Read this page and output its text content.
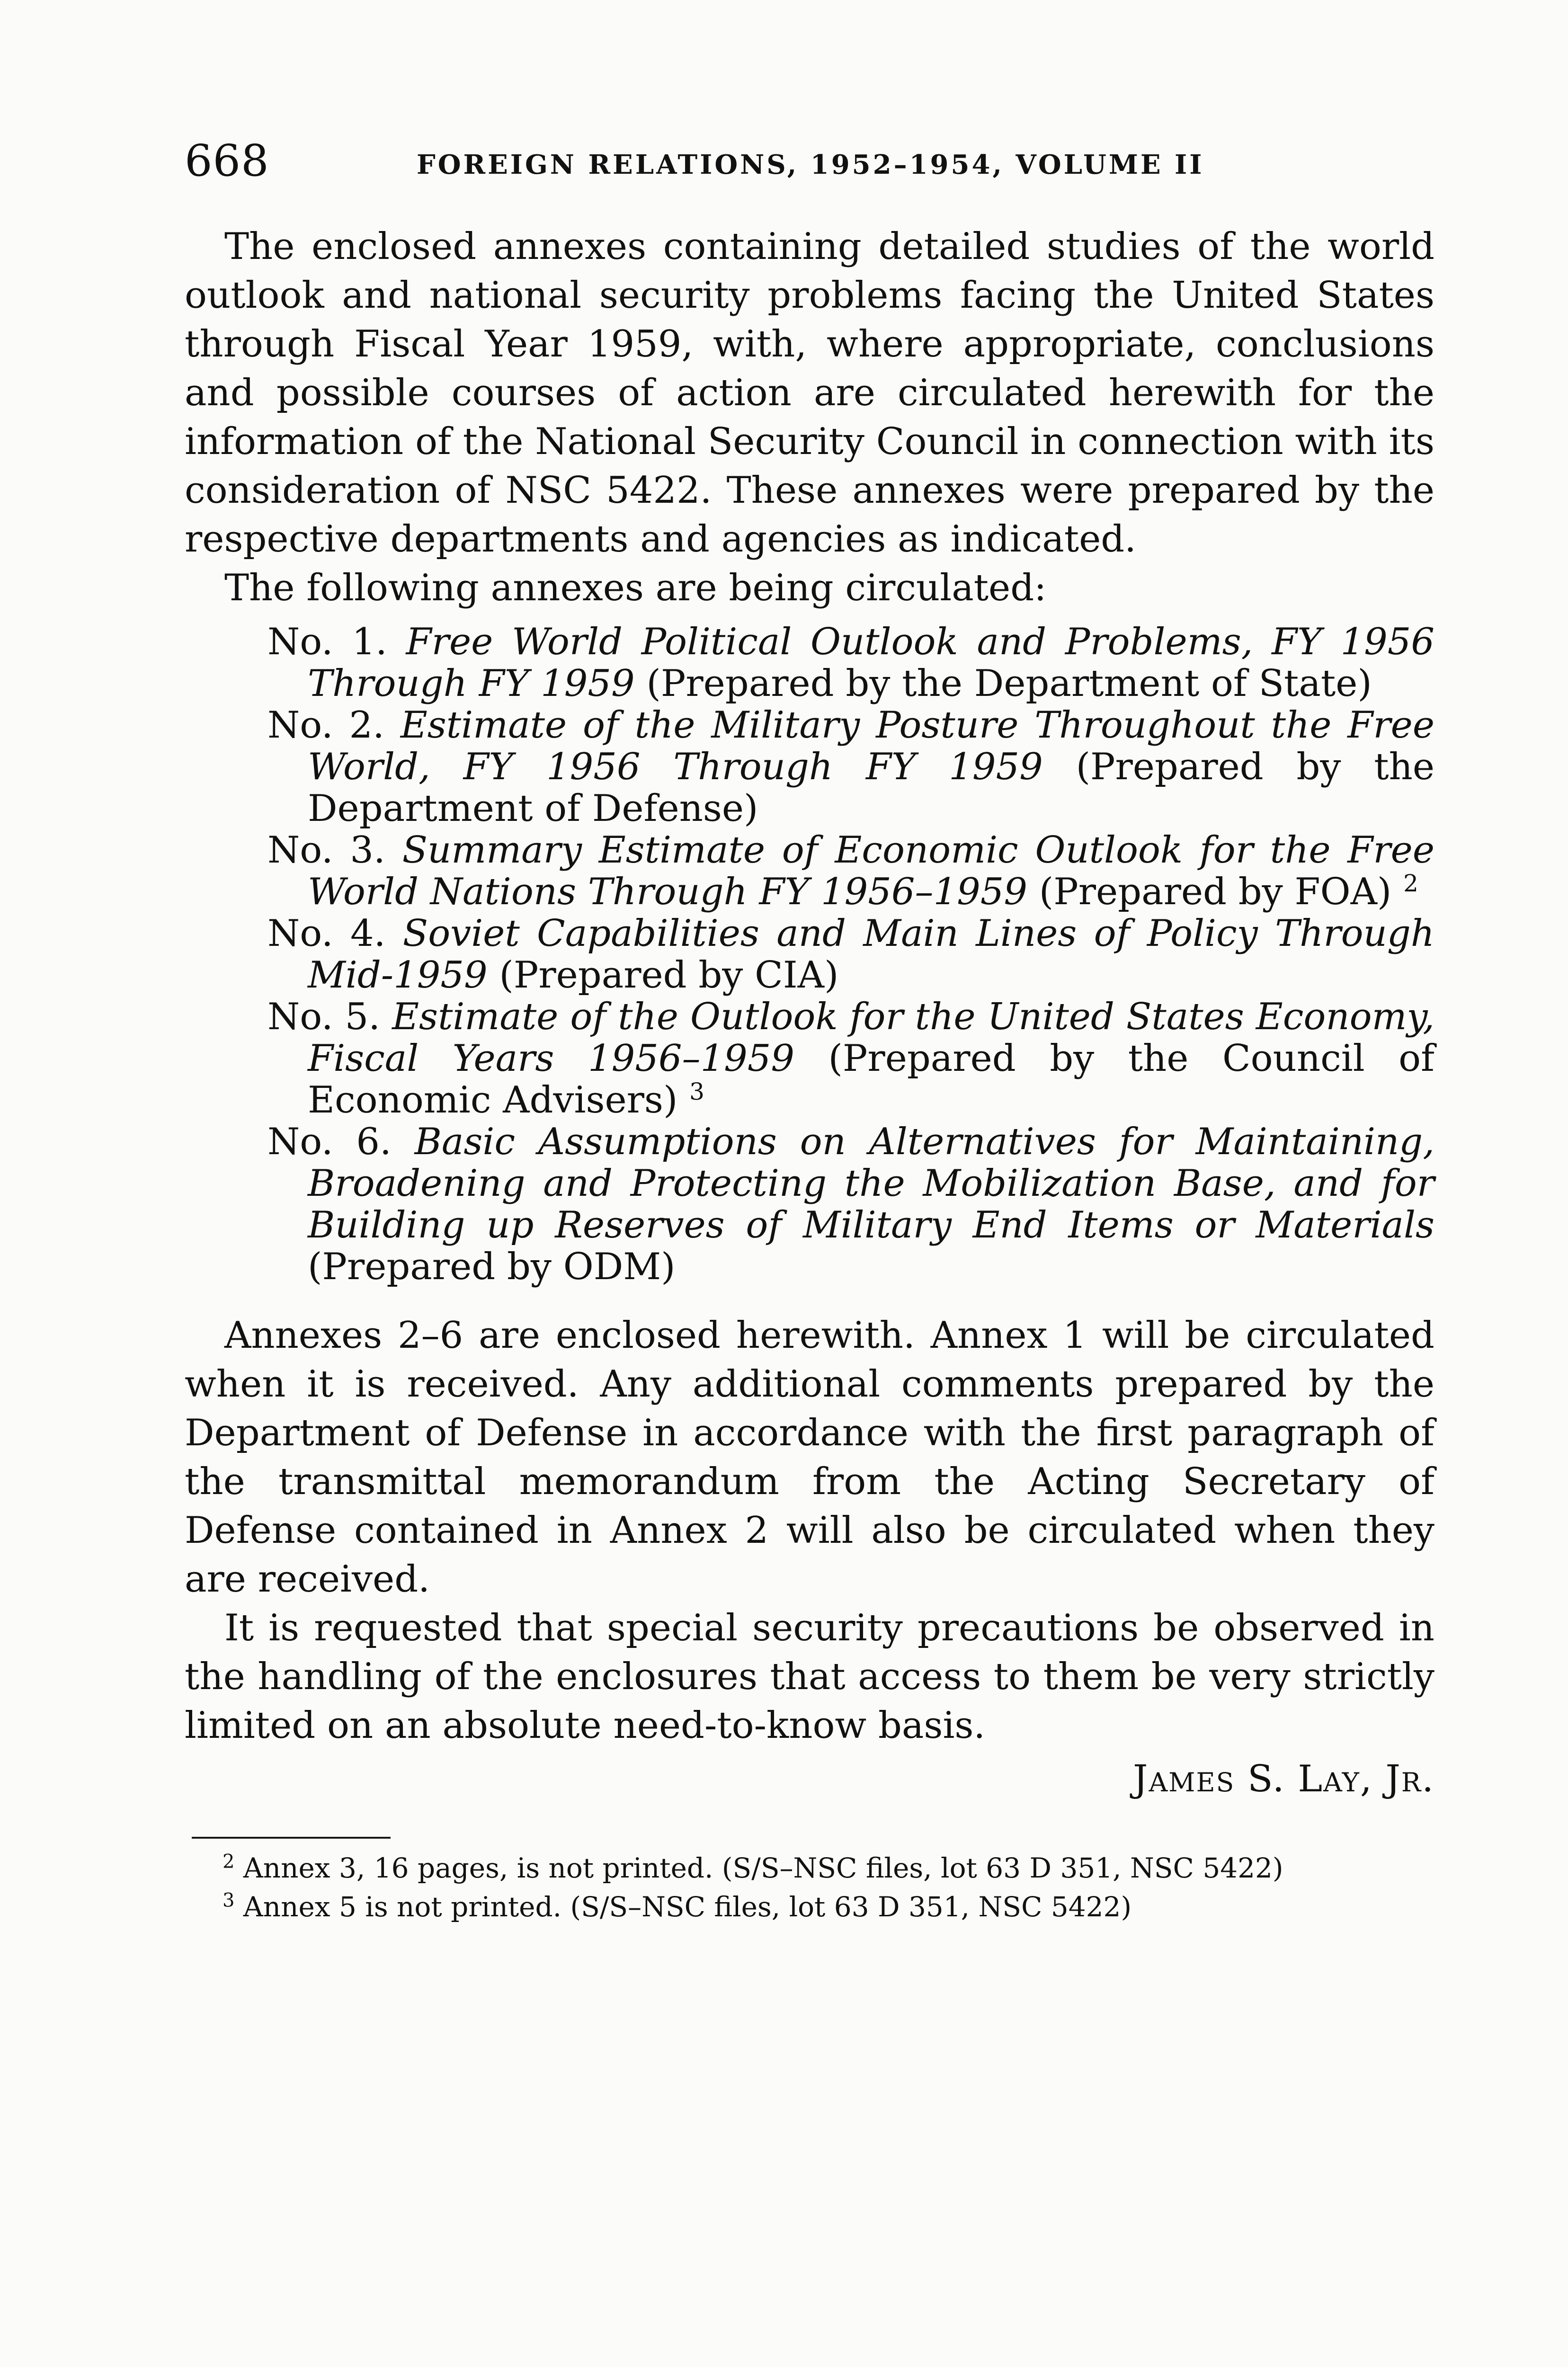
668	FOREIGN RELATIONS, 1952–1954, VOLUME II

The enclosed annexes containing detailed studies of the world outlook and national security problems facing the United States through Fiscal Year 1959, with, where appropriate, conclusions and possible courses of action are circulated herewith for the information of the National Security Council in connection with its consideration of NSC 5422. These annexes were prepared by the respective departments and agencies as indicated.

The following annexes are being circulated:

No. 1. Free World Political Outlook and Problems, FY 1956 Through FY 1959 (Prepared by the Department of State)
No. 2. Estimate of the Military Posture Throughout the Free World, FY 1956 Through FY 1959 (Prepared by the Department of Defense)
No. 3. Summary Estimate of Economic Outlook for the Free World Nations Through FY 1956–1959 (Prepared by FOA) $^2$
No. 4. Soviet Capabilities and Main Lines of Policy Through Mid-1959 (Prepared by CIA)
No. 5. Estimate of the Outlook for the United States Economy, Fiscal Years 1956–1959 (Prepared by the Council of Economic Advisers) $^3$
No. 6. Basic Assumptions on Alternatives for Maintaining, Broadening and Protecting the Mobilization Base, and for Building up Reserves of Military End Items or Materials (Prepared by ODM)

Annexes 2–6 are enclosed herewith. Annex 1 will be circulated when it is received. Any additional comments prepared by the Department of Defense in accordance with the first paragraph of the transmittal memorandum from the Acting Secretary of Defense contained in Annex 2 will also be circulated when they are received.

It is requested that special security precautions be observed in the handling of the enclosures that access to them be very strictly limited on an absolute need-to-know basis.

James S. Lay, Jr.

$^2$ Annex 3, 16 pages, is not printed. (S/S–NSC files, lot 63 D 351, NSC 5422)

$^3$ Annex 5 is not printed. (S/S–NSC files, lot 63 D 351, NSC 5422)
